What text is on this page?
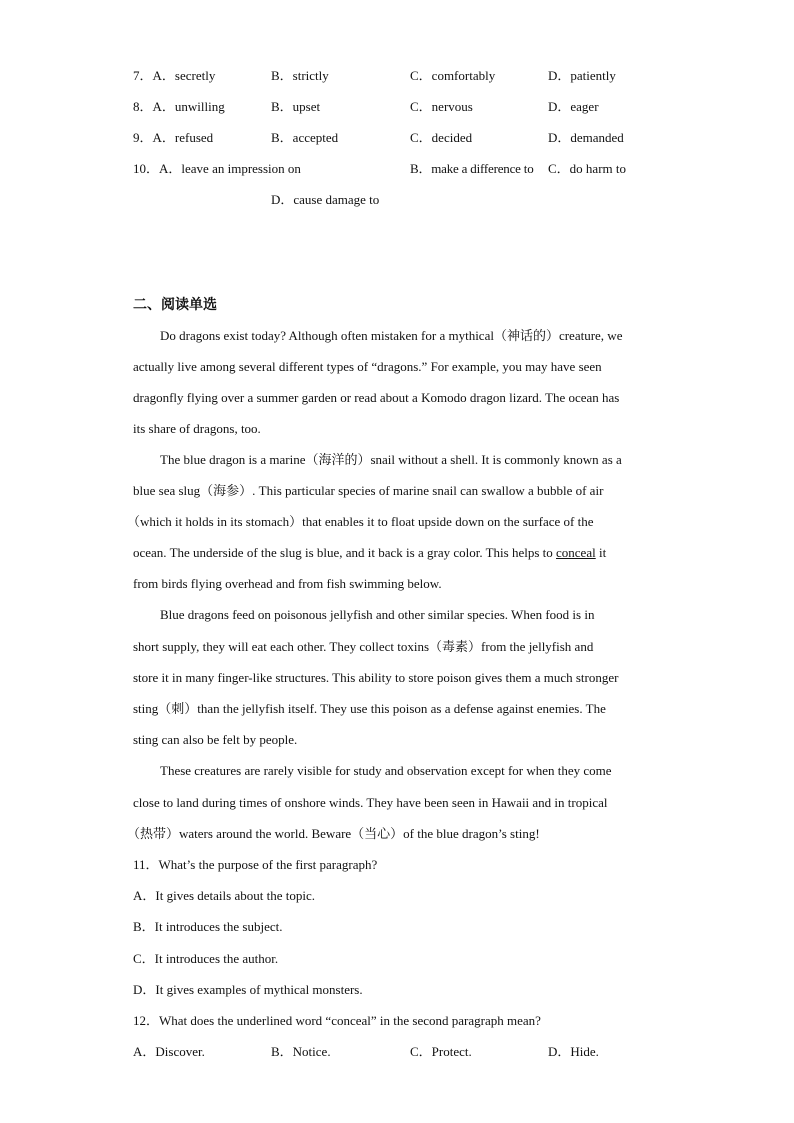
7．A．secretly	B．strictly	C．comfortably	D．patiently
8．A．unwilling	B．upset	C．nervous	D．eager
9．A．refused	B．accepted	C．decided	D．demanded
10．A．leave an impression on	B．make a difference to C．do harm to
D．cause damage to
二、阅读单选
Do dragons exist today? Although often mistaken for a mythical（神话的）creature, we
actually live among several different types of “dragons.” For example, you may have seen
dragonfly flying over a summer garden or read about a Komodo dragon lizard. The ocean has
its share of dragons, too.
The blue dragon is a marine（海洋的）snail without a shell. It is commonly known as a
blue sea slug（海参）. This particular species of marine snail can swallow a bubble of air
（which it holds in its stomach）that enables it to float upside down on the surface of the
ocean. The underside of the slug is blue, and it back is a gray color. This helps to conceal it
from birds flying overhead and from fish swimming below.
Blue dragons feed on poisonous jellyfish and other similar species. When food is in
short supply, they will eat each other. They collect toxins（毒素）from the jellyfish and
store it in many finger-like structures. This ability to store poison gives them a much stronger
sting（刺）than the jellyfish itself. They use this poison as a defense against enemies. The
sting can also be felt by people.
These creatures are rarely visible for study and observation except for when they come
close to land during times of onshore winds. They have been seen in Hawaii and in tropical
（热带）waters around the world. Beware（当心）of the blue dragon’s sting!
11．What’s the purpose of the first paragraph?
A．It gives details about the topic.
B．It introduces the subject.
C．It introduces the author.
D．It gives examples of mythical monsters.
12．What does the underlined word “conceal” in the second paragraph mean?
A．Discover.	B．Notice.	C．Protect.	D．Hide.
